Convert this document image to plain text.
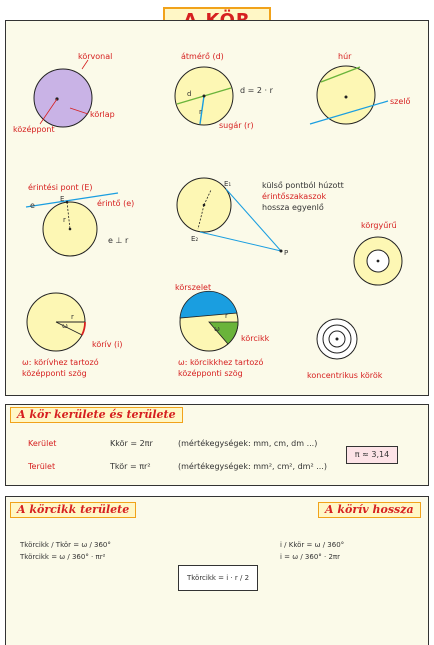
d
r
e
E
r
E₁
E₂
P
ω
r
ω
r
körvonal
körlap
középpont
átmérő (d)
d = 2 · r
sugár (r)
húr
szelő
érintési pont (E)
érintő (e)
e ⊥ r
külső pontból húzott
érintőszakaszok
hossza egyenlő
körgyűrű
körszelet
körcikk
körív (i)
ω: körívhez tartozó
középponti szög
ω: körcikkhez tartozó
középponti szög	koncentrikus körök
A kör kerülete és területe
Kerület	Kkör = 2πr	(mértékegységek: mm, cm, dm ...)
Terület	Tkör = πr²	(mértékegységek: mm², cm², dm² ...)
π ≈ 3,14
A körcikk területe	A körív hossza
Tkörcikk / Tkör = ω / 360°
Tkörcikk = ω / 360° · πr²
Tkörcikk = i · r / 2
i / Kkör = ω / 360°
i = ω / 360° · 2πr
